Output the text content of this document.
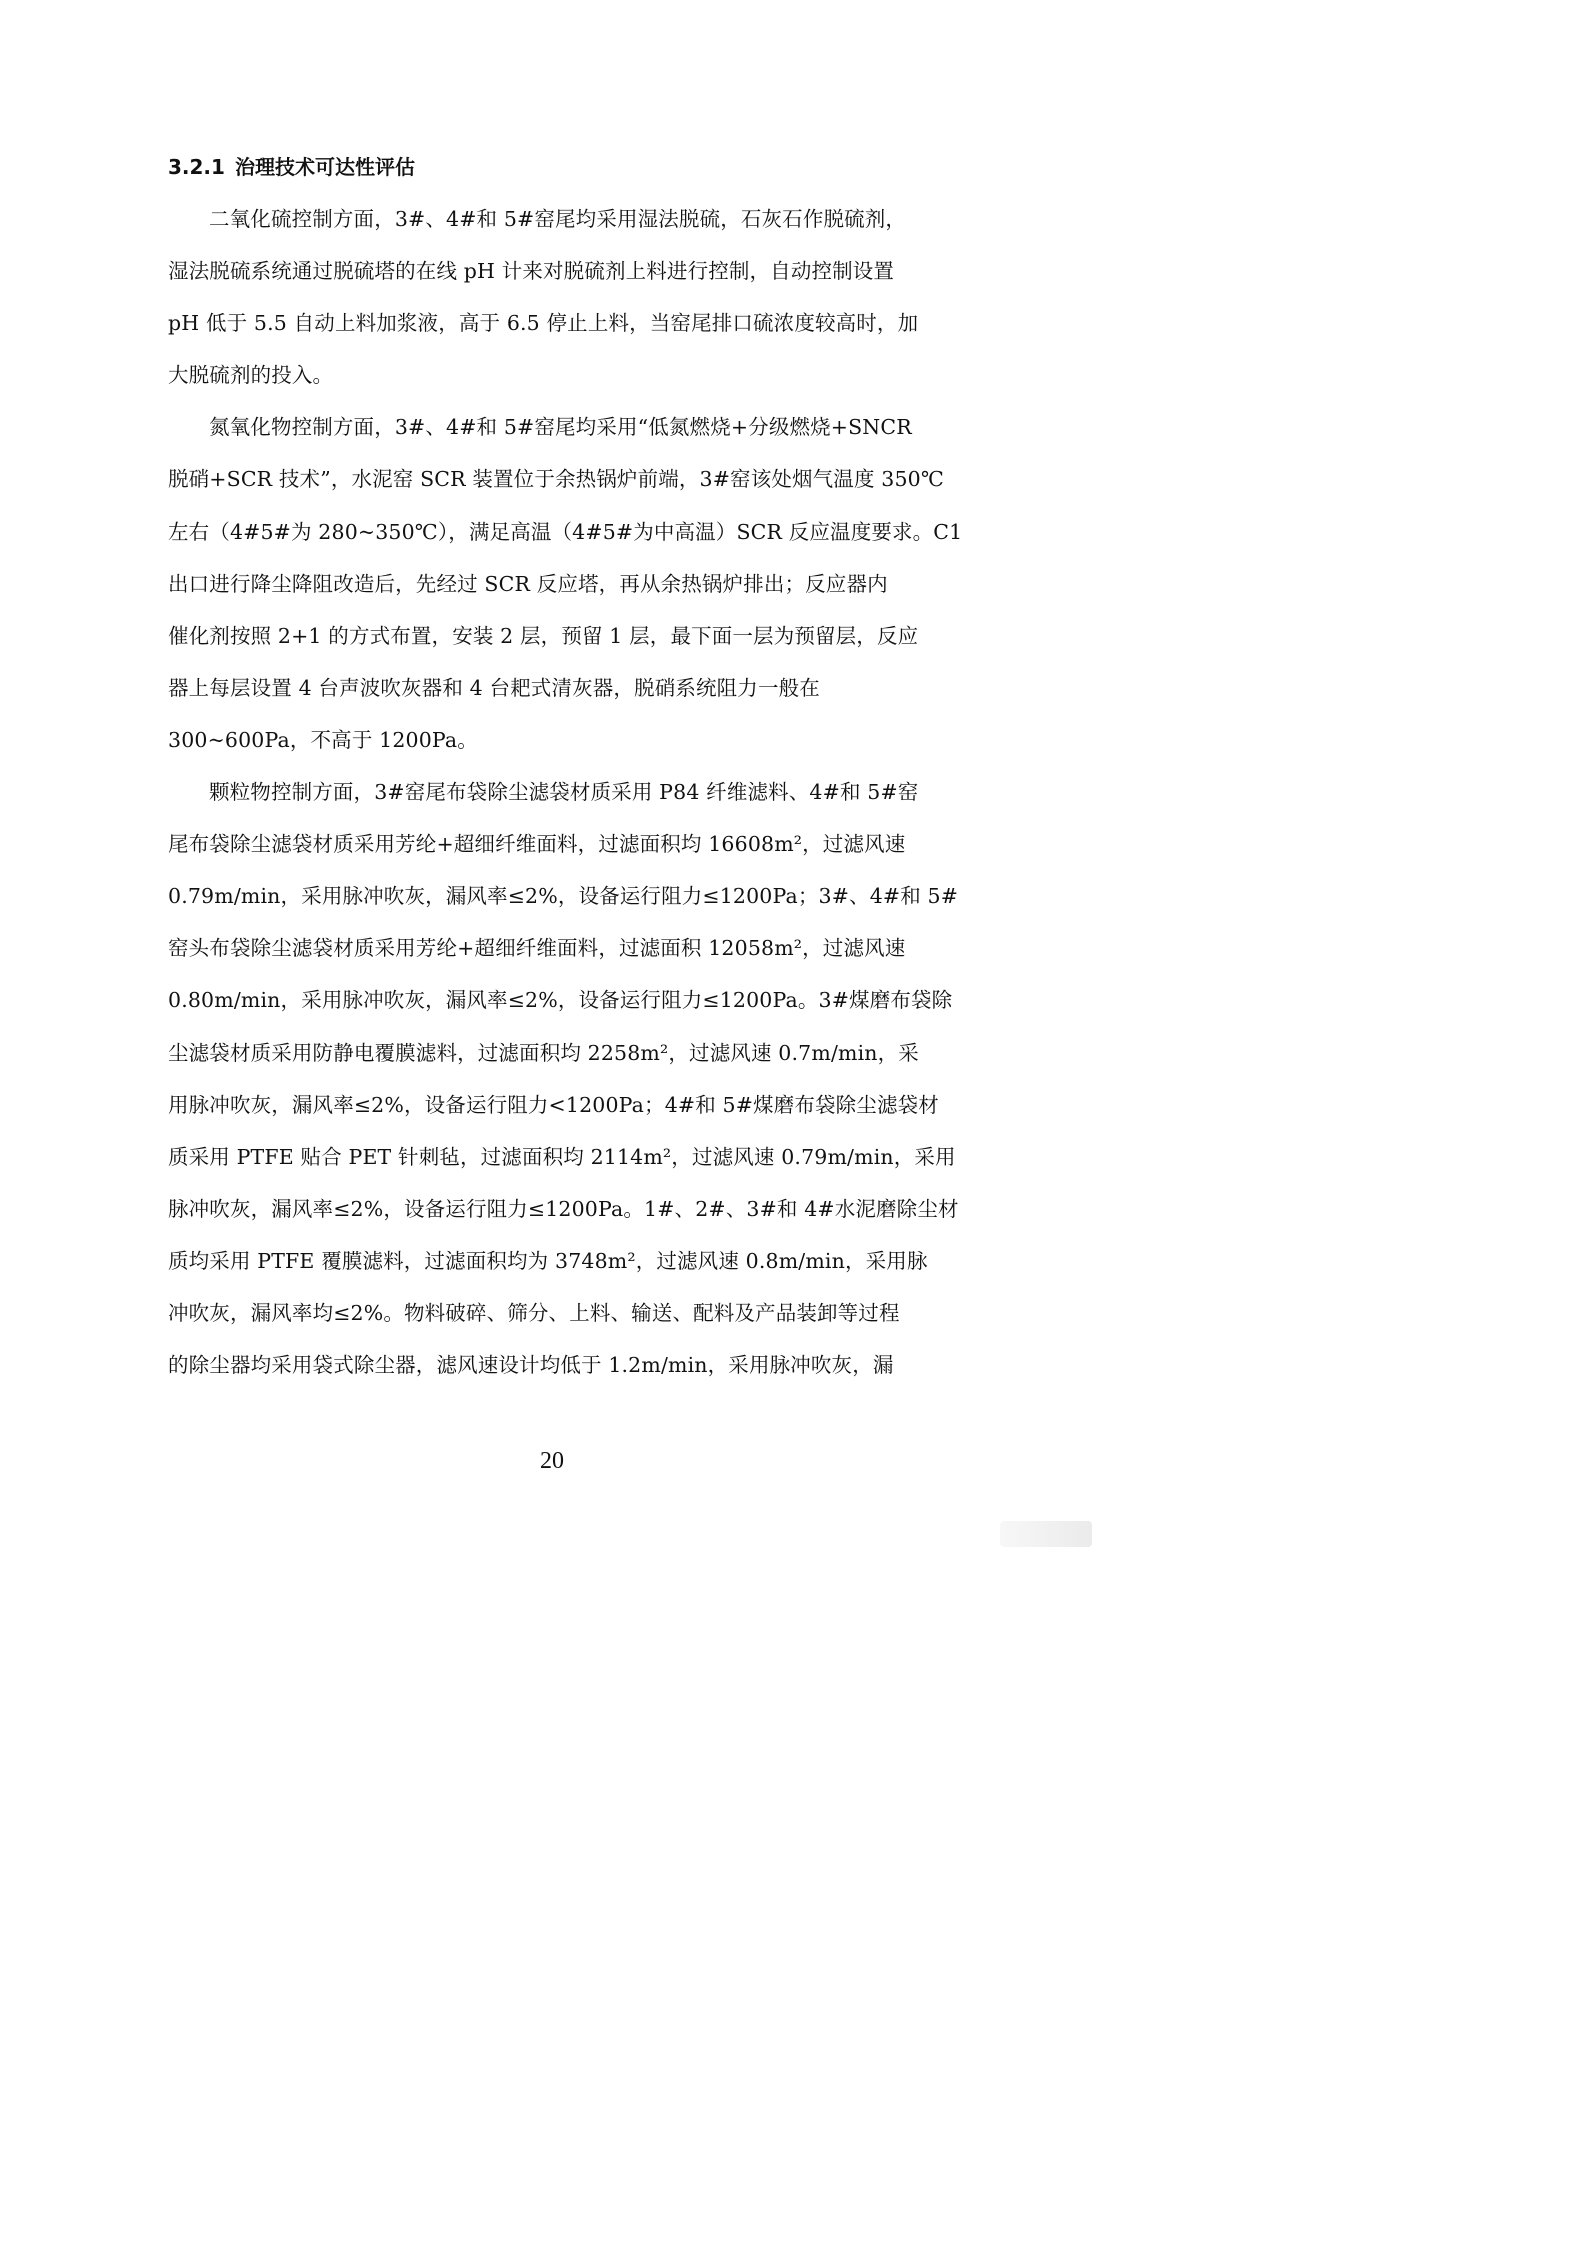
3.2.1 治理技术可达性评估
二氧化硫控制方面，3#、4#和 5#窑尾均采用湿法脱硫，石灰石作脱硫剂，
湿法脱硫系统通过脱硫塔的在线 pH 计来对脱硫剂上料进行控制，自动控制设置
pH 低于 5.5 自动上料加浆液，高于 6.5 停止上料，当窑尾排口硫浓度较高时，加
大脱硫剂的投入。
氮氧化物控制方面，3#、4#和 5#窑尾均采用“低氮燃烧+分级燃烧+SNCR
脱硝+SCR 技术”，水泥窑 SCR 装置位于余热锅炉前端，3#窑该处烟气温度 350℃
左右（4#5#为 280~350℃），满足高温（4#5#为中高温）SCR 反应温度要求。C1
出口进行降尘降阻改造后，先经过 SCR 反应塔，再从余热锅炉排出；反应器内
催化剂按照 2+1 的方式布置，安装 2 层，预留 1 层，最下面一层为预留层，反应
器上每层设置 4 台声波吹灰器和 4 台耙式清灰器，脱硝系统阻力一般在
300~600Pa，不高于 1200Pa。
颗粒物控制方面，3#窑尾布袋除尘滤袋材质采用 P84 纤维滤料、4#和 5#窑
尾布袋除尘滤袋材质采用芳纶+超细纤维面料，过滤面积均 16608m²，过滤风速
0.79m/min，采用脉冲吹灰，漏风率≤2%，设备运行阻力≤1200Pa；3#、4#和 5#
窑头布袋除尘滤袋材质采用芳纶+超细纤维面料，过滤面积 12058m²，过滤风速
0.80m/min，采用脉冲吹灰，漏风率≤2%，设备运行阻力≤1200Pa。3#煤磨布袋除
尘滤袋材质采用防静电覆膜滤料，过滤面积均 2258m²，过滤风速 0.7m/min，采
用脉冲吹灰，漏风率≤2%，设备运行阻力<1200Pa；4#和 5#煤磨布袋除尘滤袋材
质采用 PTFE 贴合 PET 针刺毡，过滤面积均 2114m²，过滤风速 0.79m/min，采用
脉冲吹灰，漏风率≤2%，设备运行阻力≤1200Pa。1#、2#、3#和 4#水泥磨除尘材
质均采用 PTFE 覆膜滤料，过滤面积均为 3748m²，过滤风速 0.8m/min，采用脉
冲吹灰，漏风率均≤2%。物料破碎、筛分、上料、输送、配料及产品装卸等过程
的除尘器均采用袋式除尘器，滤风速设计均低于 1.2m/min，采用脉冲吹灰，漏
20
